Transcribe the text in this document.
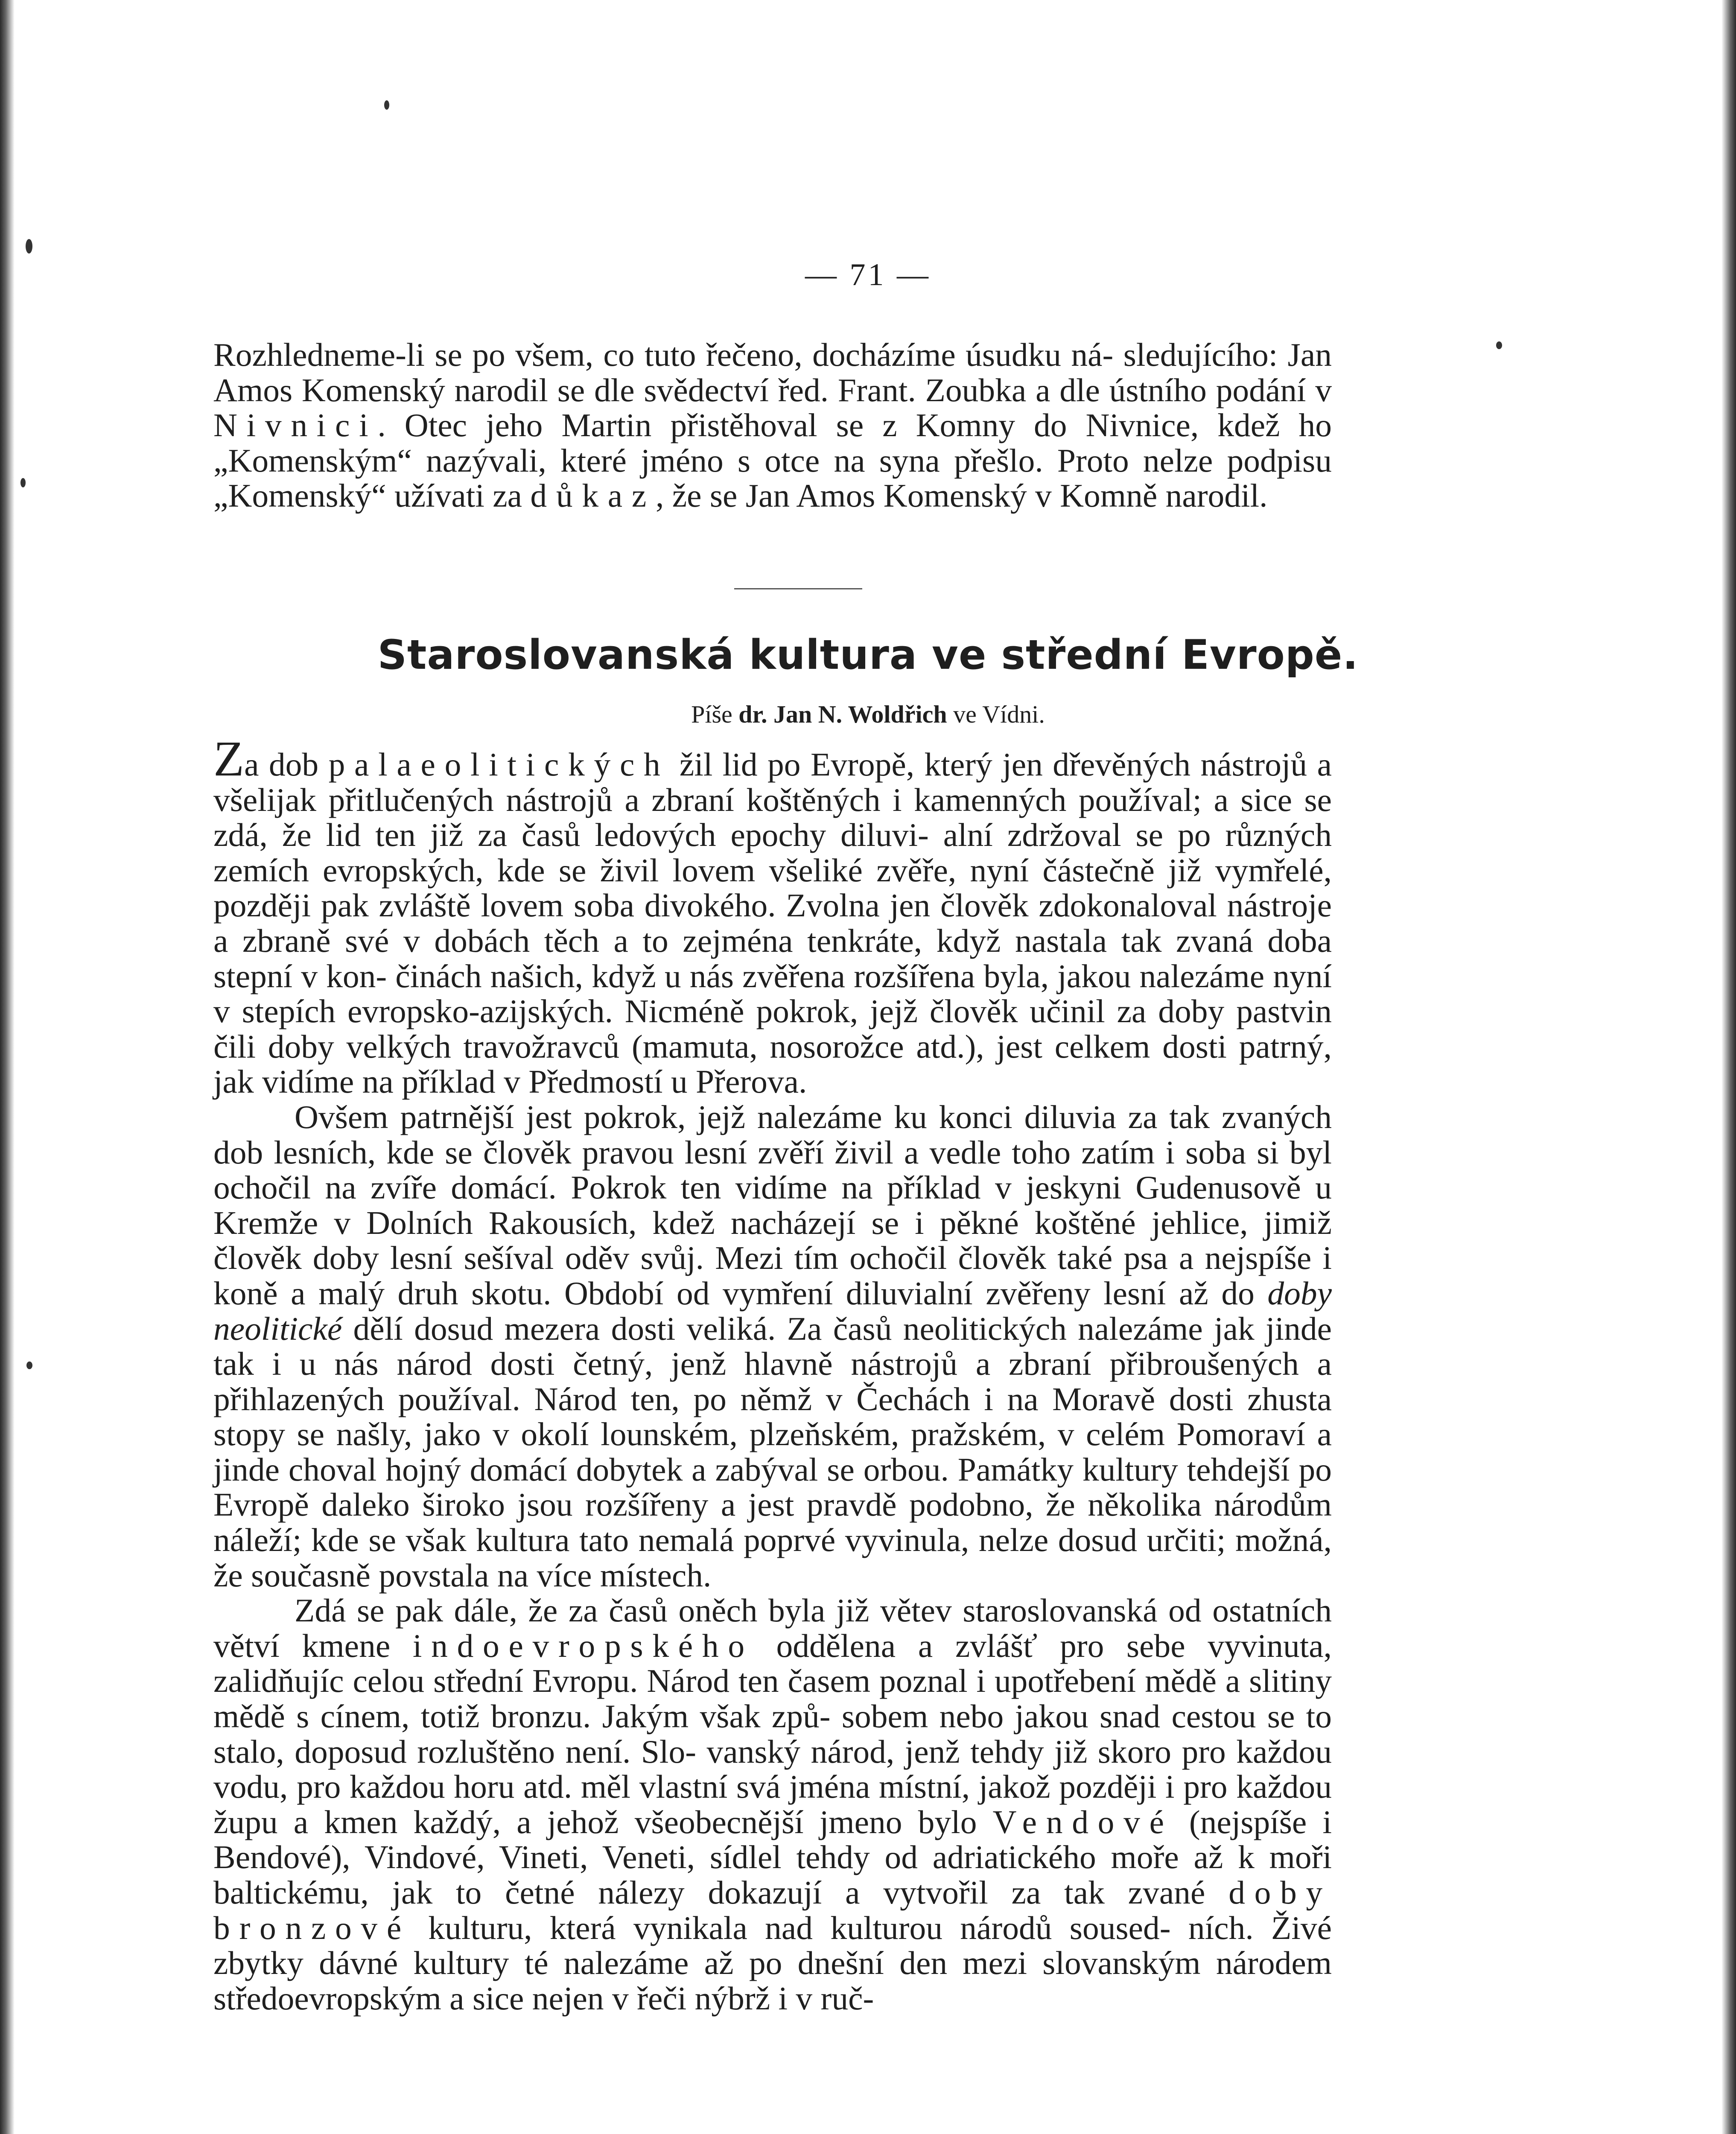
— 71 —

Rozhledneme-li se po všem, co tuto řečeno, docházíme úsudku ná- sledujícího: Jan Amos Komenský narodil se dle svědectví řed. Frant. Zoubka a dle ústního podání v Nivnici. Otec jeho Martin přistěhoval se z Komny do Nivnice, kdež ho „Komenským“ nazývali, které jméno s otce na syna přešlo. Proto nelze podpisu „Komenský“ užívati za důkaz, že se Jan Amos Komenský v Komně narodil.

Staroslovanská kultura ve střední Evropě.
Píše dr. Jan N. Woldřich ve Vídni.

Za dob palaeolitických žil lid po Evropě, který jen dřevěných nástrojů a všelijak přitlučených nástrojů a zbraní koštěných i kamenných používal; a sice se zdá, že lid ten již za časů ledových epochy diluvi- alní zdržoval se po různých zemích evropských, kde se živil lovem všeliké zvěře, nyní částečně již vymřelé, později pak zvláště lovem soba divokého. Zvolna jen člověk zdokonaloval nástroje a zbraně své v dobách těch a to zejména tenkráte, když nastala tak zvaná doba stepní v kon- činách našich, když u nás zvěřena rozšířena byla, jakou nalezáme nyní v stepích evropsko-azijských. Nicméně pokrok, jejž člověk učinil za doby pastvin čili doby velkých travožravců (mamuta, nosorožce atd.), jest celkem dosti patrný, jak vidíme na příklad v Předmostí u Přerova.

Ovšem patrnější jest pokrok, jejž nalezáme ku konci diluvia za tak zvaných dob lesních, kde se člověk pravou lesní zvěří živil a vedle toho zatím i soba si byl ochočil na zvíře domácí. Pokrok ten vidíme na příklad v jeskyni Gudenusově u Kremže v Dolních Rakousích, kdež nacházejí se i pěkné koštěné jehlice, jimiž člověk doby lesní sešíval oděv svůj. Mezi tím ochočil člověk také psa a nejspíše i koně a malý druh skotu. Období od vymření diluvialní zvěřeny lesní až do doby neolitické dělí dosud mezera dosti veliká. Za časů neolitických nalezáme jak jinde tak i u nás národ dosti četný, jenž hlavně nástrojů a zbraní přibroušených a přihlazených používal. Národ ten, po němž v Čechách i na Moravě dosti zhusta stopy se našly, jako v okolí lounském, plzeňském, pražském, v celém Pomoraví a jinde choval hojný domácí dobytek a zabýval se orbou. Památky kultury tehdejší po Evropě daleko široko jsou rozšířeny a jest pravdě podobno, že několika národům náleží; kde se však kultura tato nemalá poprvé vyvinula, nelze dosud určiti; možná, že současně povstala na více místech.

Zdá se pak dále, že za časů oněch byla již větev staroslovanská od ostatních větví kmene indoevropského oddělena a zvlášť pro sebe vyvinuta, zalidňujíc celou střední Evropu. Národ ten časem poznal i upotřebení mědě a slitiny mědě s cínem, totiž bronzu. Jakým však způ- sobem nebo jakou snad cestou se to stalo, doposud rozluštěno není. Slo- vanský národ, jenž tehdy již skoro pro každou vodu, pro každou horu atd. měl vlastní svá jména místní, jakož později i pro každou župu a kmen každý, a jehož všeobecnější jmeno bylo Vendové (nejspíše i Bendové), Vindové, Vineti, Veneti, sídlel tehdy od adriatického moře až k moři baltickému, jak to četné nálezy dokazují a vytvořil za tak zvané doby bronzové kulturu, která vynikala nad kulturou národů soused- ních. Živé zbytky dávné kultury té nalezáme až po dnešní den mezi slovanským národem středoevropským a sice nejen v řeči nýbrž i v ruč-
